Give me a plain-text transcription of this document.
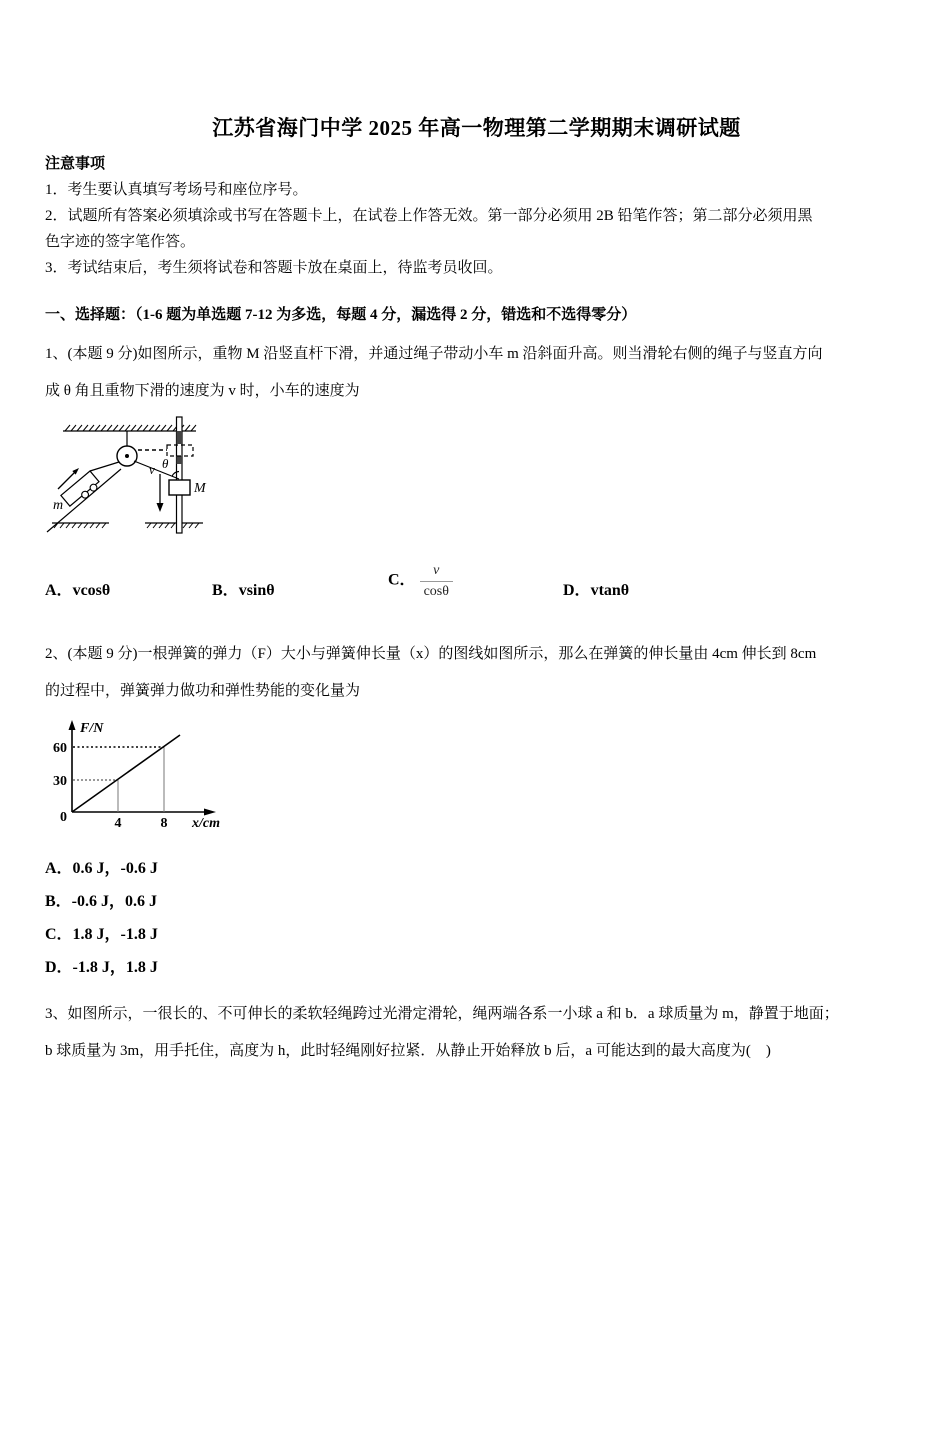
江苏省海门中学 2025 年高一物理第二学期期末调研试题
注意事项
1．考生要认真填写考场号和座位序号。
2．试题所有答案必须填涂或书写在答题卡上，在试卷上作答无效。第一部分必须用 2B 铅笔作答；第二部分必须用黑
色字迹的签字笔作答。
3．考试结束后，考生须将试卷和答题卡放在桌面上，待监考员收回。
一、选择题：（1-6 题为单选题 7-12 为多选，每题 4 分，漏选得 2 分，错选和不选得零分）
1、(本题 9 分)如图所示，重物 M 沿竖直杆下滑，并通过绳子带动小车 m 沿斜面升高。则当滑轮右侧的绳子与竖直方向
成 θ 角且重物下滑的速度为 v 时，小车的速度为
m
θ
v
M
A．vcosθ	B．vsinθ
C． $\frac{v}{\cos\theta}$	D．vtanθ
2、(本题 9 分)一根弹簧的弹力（F）大小与弹簧伸长量（x）的图线如图所示，那么在弹簧的伸长量由 4cm 伸长到 8cm
的过程中，弹簧弹力做功和弹性势能的变化量为
F/N
x/cm
60
30
0	4	8
A．0.6 J，-0.6 J
B．-0.6 J，0.6 J
C．1.8 J，-1.8 J
D．-1.8 J，1.8 J
3、如图所示，一很长的、不可伸长的柔软轻绳跨过光滑定滑轮，绳两端各系一小球 a 和 b．a 球质量为 m，静置于地面；
b 球质量为 3m，用手托住，高度为 h，此时轻绳刚好拉紧．从静止开始释放 b 后，a 可能达到的最大高度为(　)
